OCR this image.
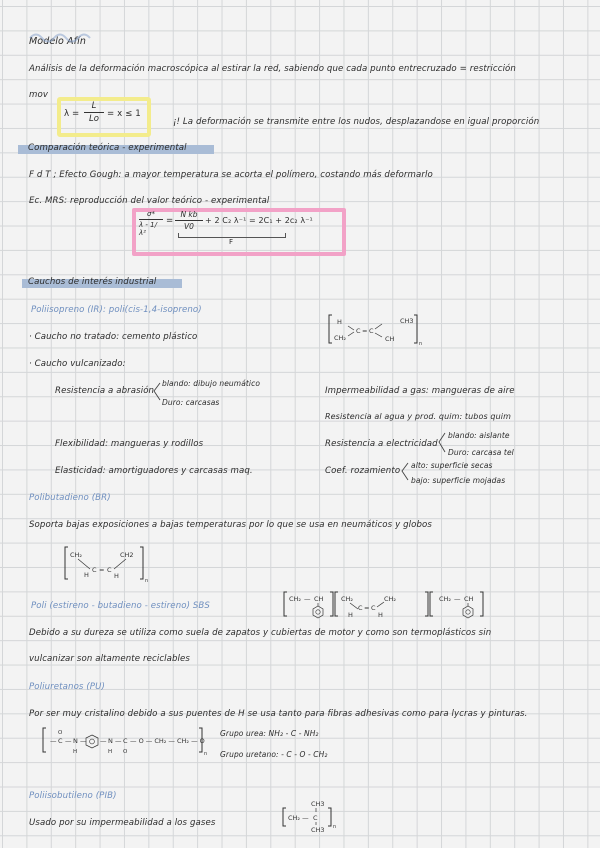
Modelo Afín
Análisis de la deformación macroscópica al estirar la red, sabiendo que cada punto entrecruzado = restricción
mov
λ =
L
Lo = x ≤ 1
¡! La deformación se transmite entre los nudos, desplazandose en igual proporción
Comparación teórica - experimental
F d T ; Efecto Gough: a mayor temperatura se acorta el polímero, costando más deformarlo
Ec. MRS: reproducción del valor teórico - experimental
σ*
λ - 1/λ²
=
N kb
V0
+ 2 C₂ λ⁻¹ = 2C₁ + 2c₂ λ⁻¹
F
Cauchos de interés industrial
Poliisopreno (IR): poli(cis-1,4-isopreno)
· Caucho no tratado: cemento plástico
· Caucho vulcanizado:
Resistencia a abrasión
blando: dibujo neumático
Duro: carcasas
Flexibilidad: mangueras y rodillos
Elasticidad: amortiguadores y carcasas maq.
Impermeabilidad a gas: mangueras de aire
Resistencia al agua y prod. quim: tubos quim
Resistencia a electricidad
blando: aislante
Duro: carcasa tel
Coef. rozamiento
alto: superficie secas
bajo: superficie mojadas
H
CH₂
C = C
CH3
CH
n
Polibutadieno (BR)
Soporta bajas exposiciones a bajas temperaturas por lo que se usa en neumáticos y globos
CH₂	CH2
H
C = C
H
n
Poli (estireno - butadieno - estireno) SBS
Debido a su dureza se utiliza como suela de zapatos y cubiertas de motor y como son termoplásticos sin
vulcanizar son altamente reciclables
CH₂ — CH	CH₂
H
C = C
H
CH₂	CH₂ — CH
Poliuretanos (PU)
Por ser muy cristalino debido a sus puentes de H se usa tanto para fibras adhesivas como para lycras y pinturas.
— C
O
— N
H
— — N
H
— C
O
— O — CH₂ — CH₂ — O
n
Grupo urea: NH₂ - C - NH₂
Grupo uretano: - C - O - CH₂
Poliisobutileno (PIB)
Usado por su impermeabilidad a los gases
CH3
CH₂ — C
CH3 n
